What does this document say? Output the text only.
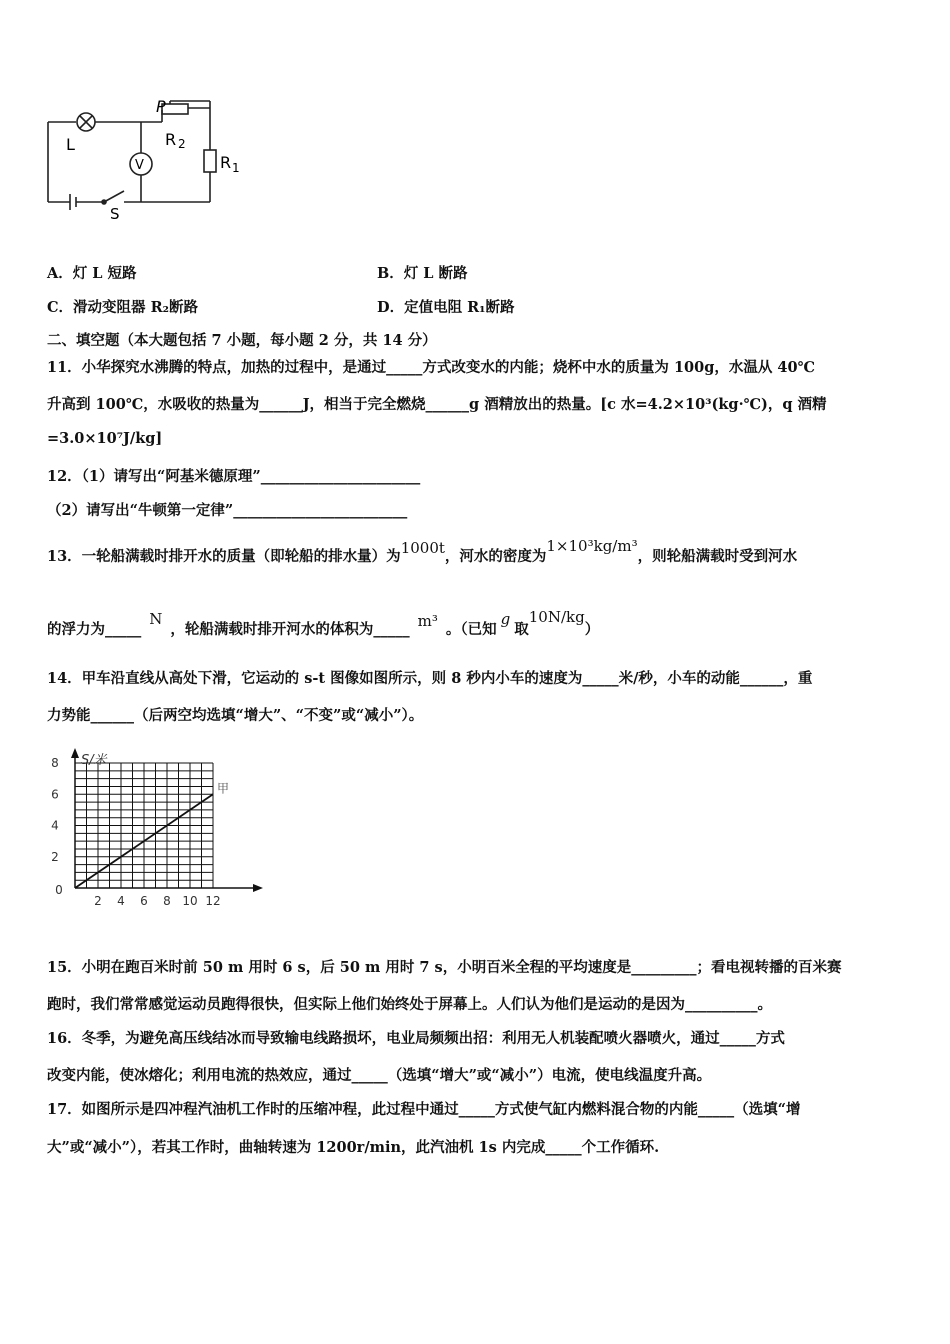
L
P
R 2
R 1
V
S
A．灯 L 短路	B．灯 L 断路
C．滑动变阻器 R₂断路	D．定值电阻 R₁断路
二、填空题（本大题包括 7 小题，每小题 2 分，共 14 分）
11．小华探究水沸腾的特点，加热的过程中，是通过_____方式改变水的内能；烧杯中水的质量为 100g，水温从 40℃
升高到 100℃，水吸收的热量为______J，相当于完全燃烧______g 酒精放出的热量。[c 水=4.2×10³(kg·℃)，q 酒精
=3.0×10⁷J/kg]
12．（1）请写出“阿基米德原理”______________________
（2）请写出“牛顿第一定律”________________________
13．一轮船满载时排开水的质量（即轮船的排水量）为1000t，河水的密度为1×10³kg/m³，则轮船满载时受到河水
的浮力为_____N，轮船满载时排开河水的体积为_____ m³ 。（已知g取10N/kg）
14．甲车沿直线从高处下滑，它运动的 s-t 图像如图所示，则 8 秒内小车的速度为_____米/秒，小车的动能______，重
力势能______（后两空均选填“增大”、“不变”或“减小”）。
0
2 4 6 8 10 12
2
4
6
8
甲
S/米
15．小明在跑百米时前 50 m 用时 6 s，后 50 m 用时 7 s，小明百米全程的平均速度是_________；看电视转播的百米赛
跑时，我们常常感觉运动员跑得很快，但实际上他们始终处于屏幕上。人们认为他们是运动的是因为__________。
16．冬季，为避免高压线结冰而导致输电线路损坏，电业局频频出招：利用无人机装配喷火器喷火，通过_____方式
改变内能，使冰熔化；利用电流的热效应，通过_____（选填“增大”或“减小”）电流，使电线温度升高。
17．如图所示是四冲程汽油机工作时的压缩冲程，此过程中通过_____方式使气缸内燃料混合物的内能_____（选填“增
大”或“减小”），若其工作时，曲轴转速为 1200r/min，此汽油机 1s 内完成_____个工作循环.
